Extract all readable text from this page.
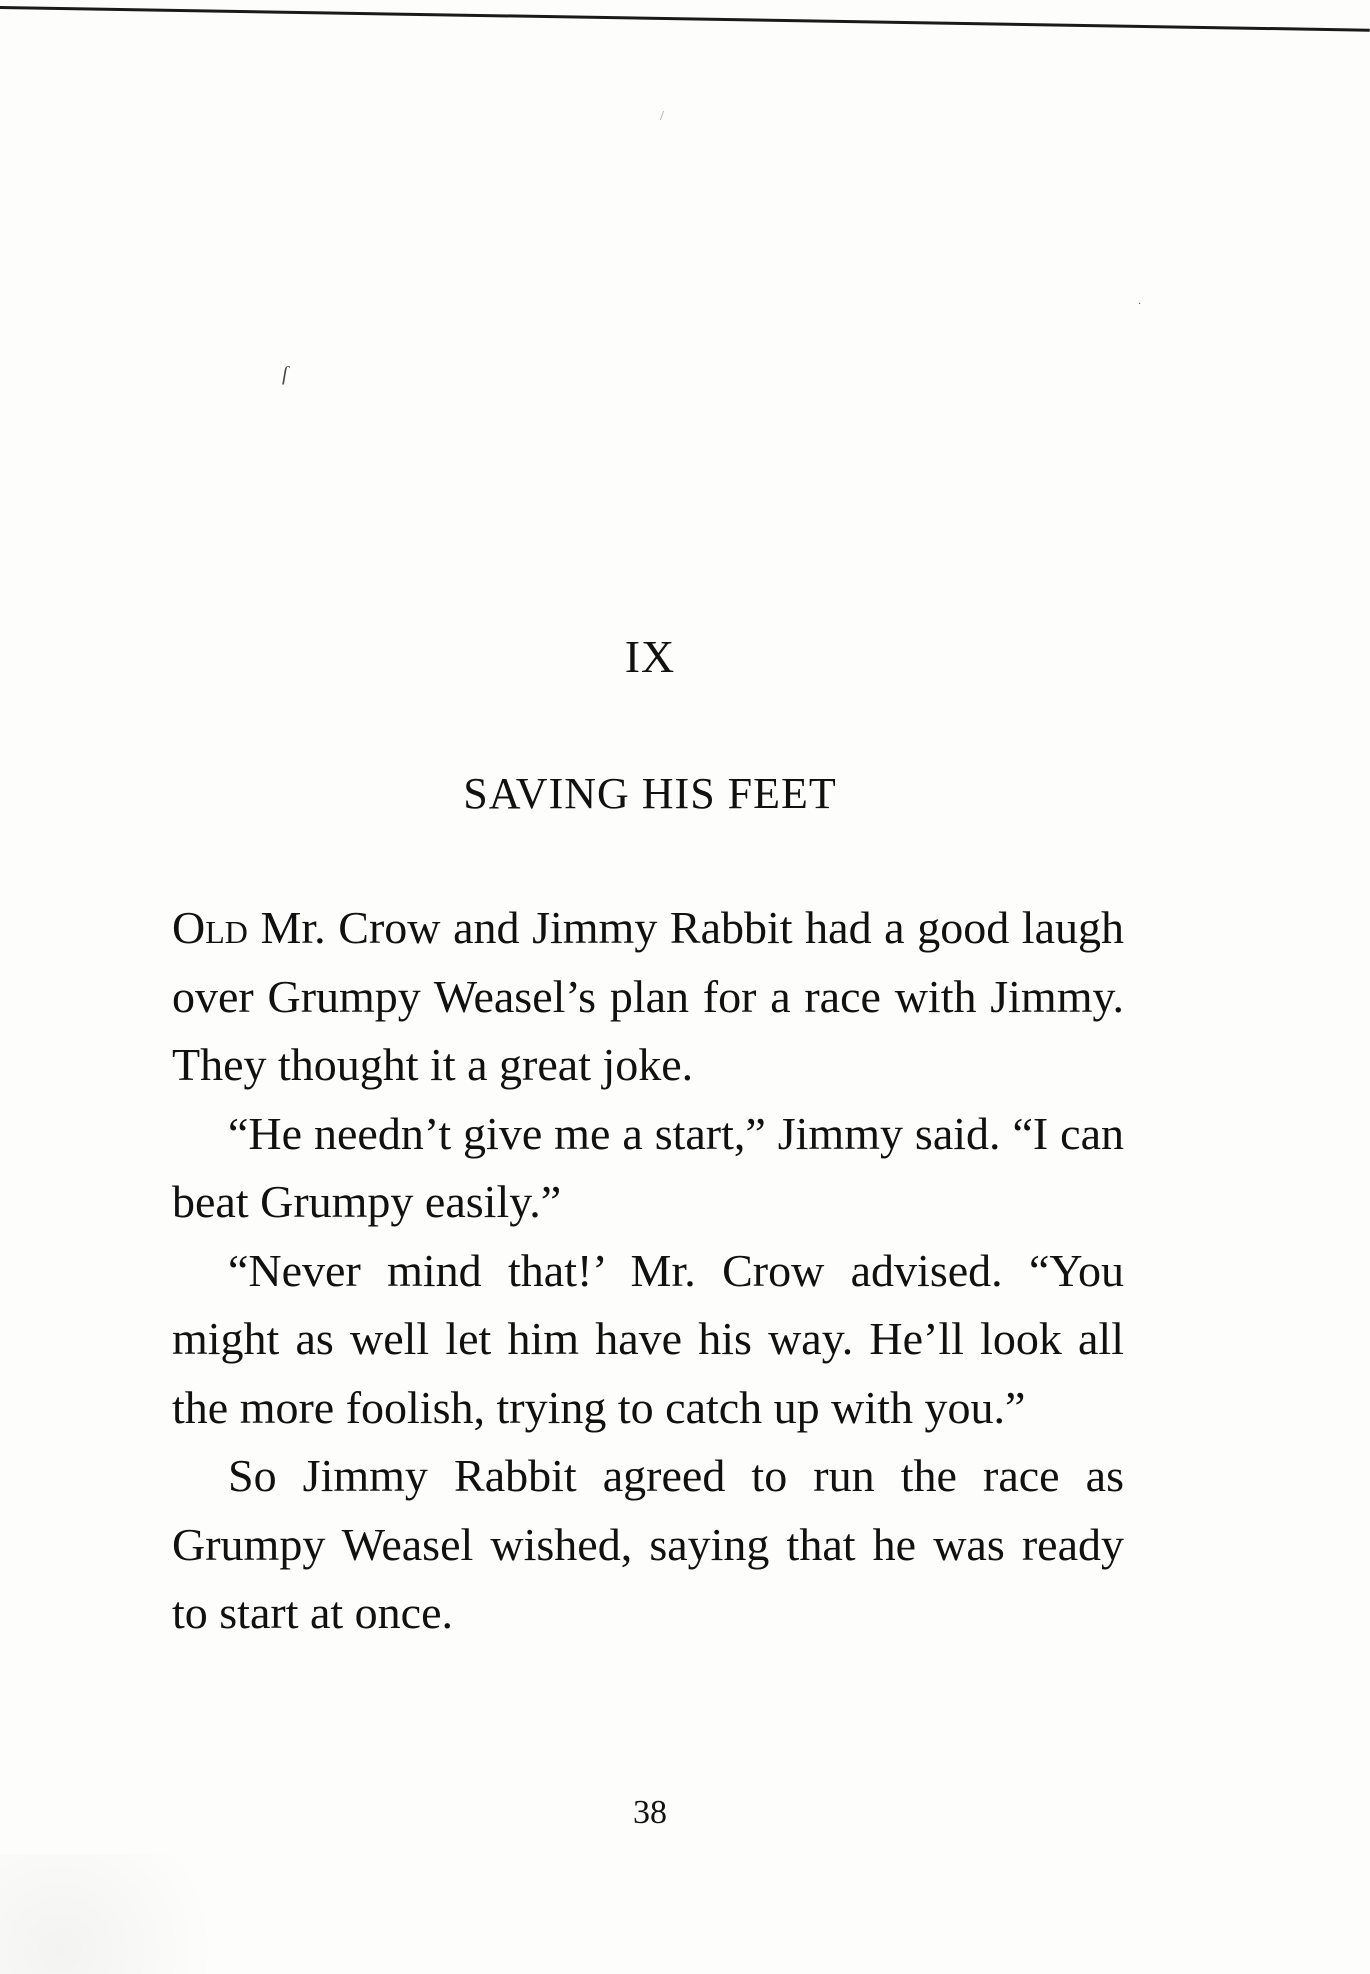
ſ
·
/
IX
SAVING HIS FEET

Old Mr. Crow and Jimmy Rabbit had a good laugh over Grumpy Weasel’s plan for a race with Jimmy. They thought it a great joke.

“He needn’t give me a start,” Jimmy said. “I can beat Grumpy easily.”

“Never mind that!’ Mr. Crow advised. “You might as well let him have his way. He’ll look all the more foolish, trying to catch up with you.”

So Jimmy Rabbit agreed to run the race as Grumpy Weasel wished, saying that he was ready to start at once.

38
